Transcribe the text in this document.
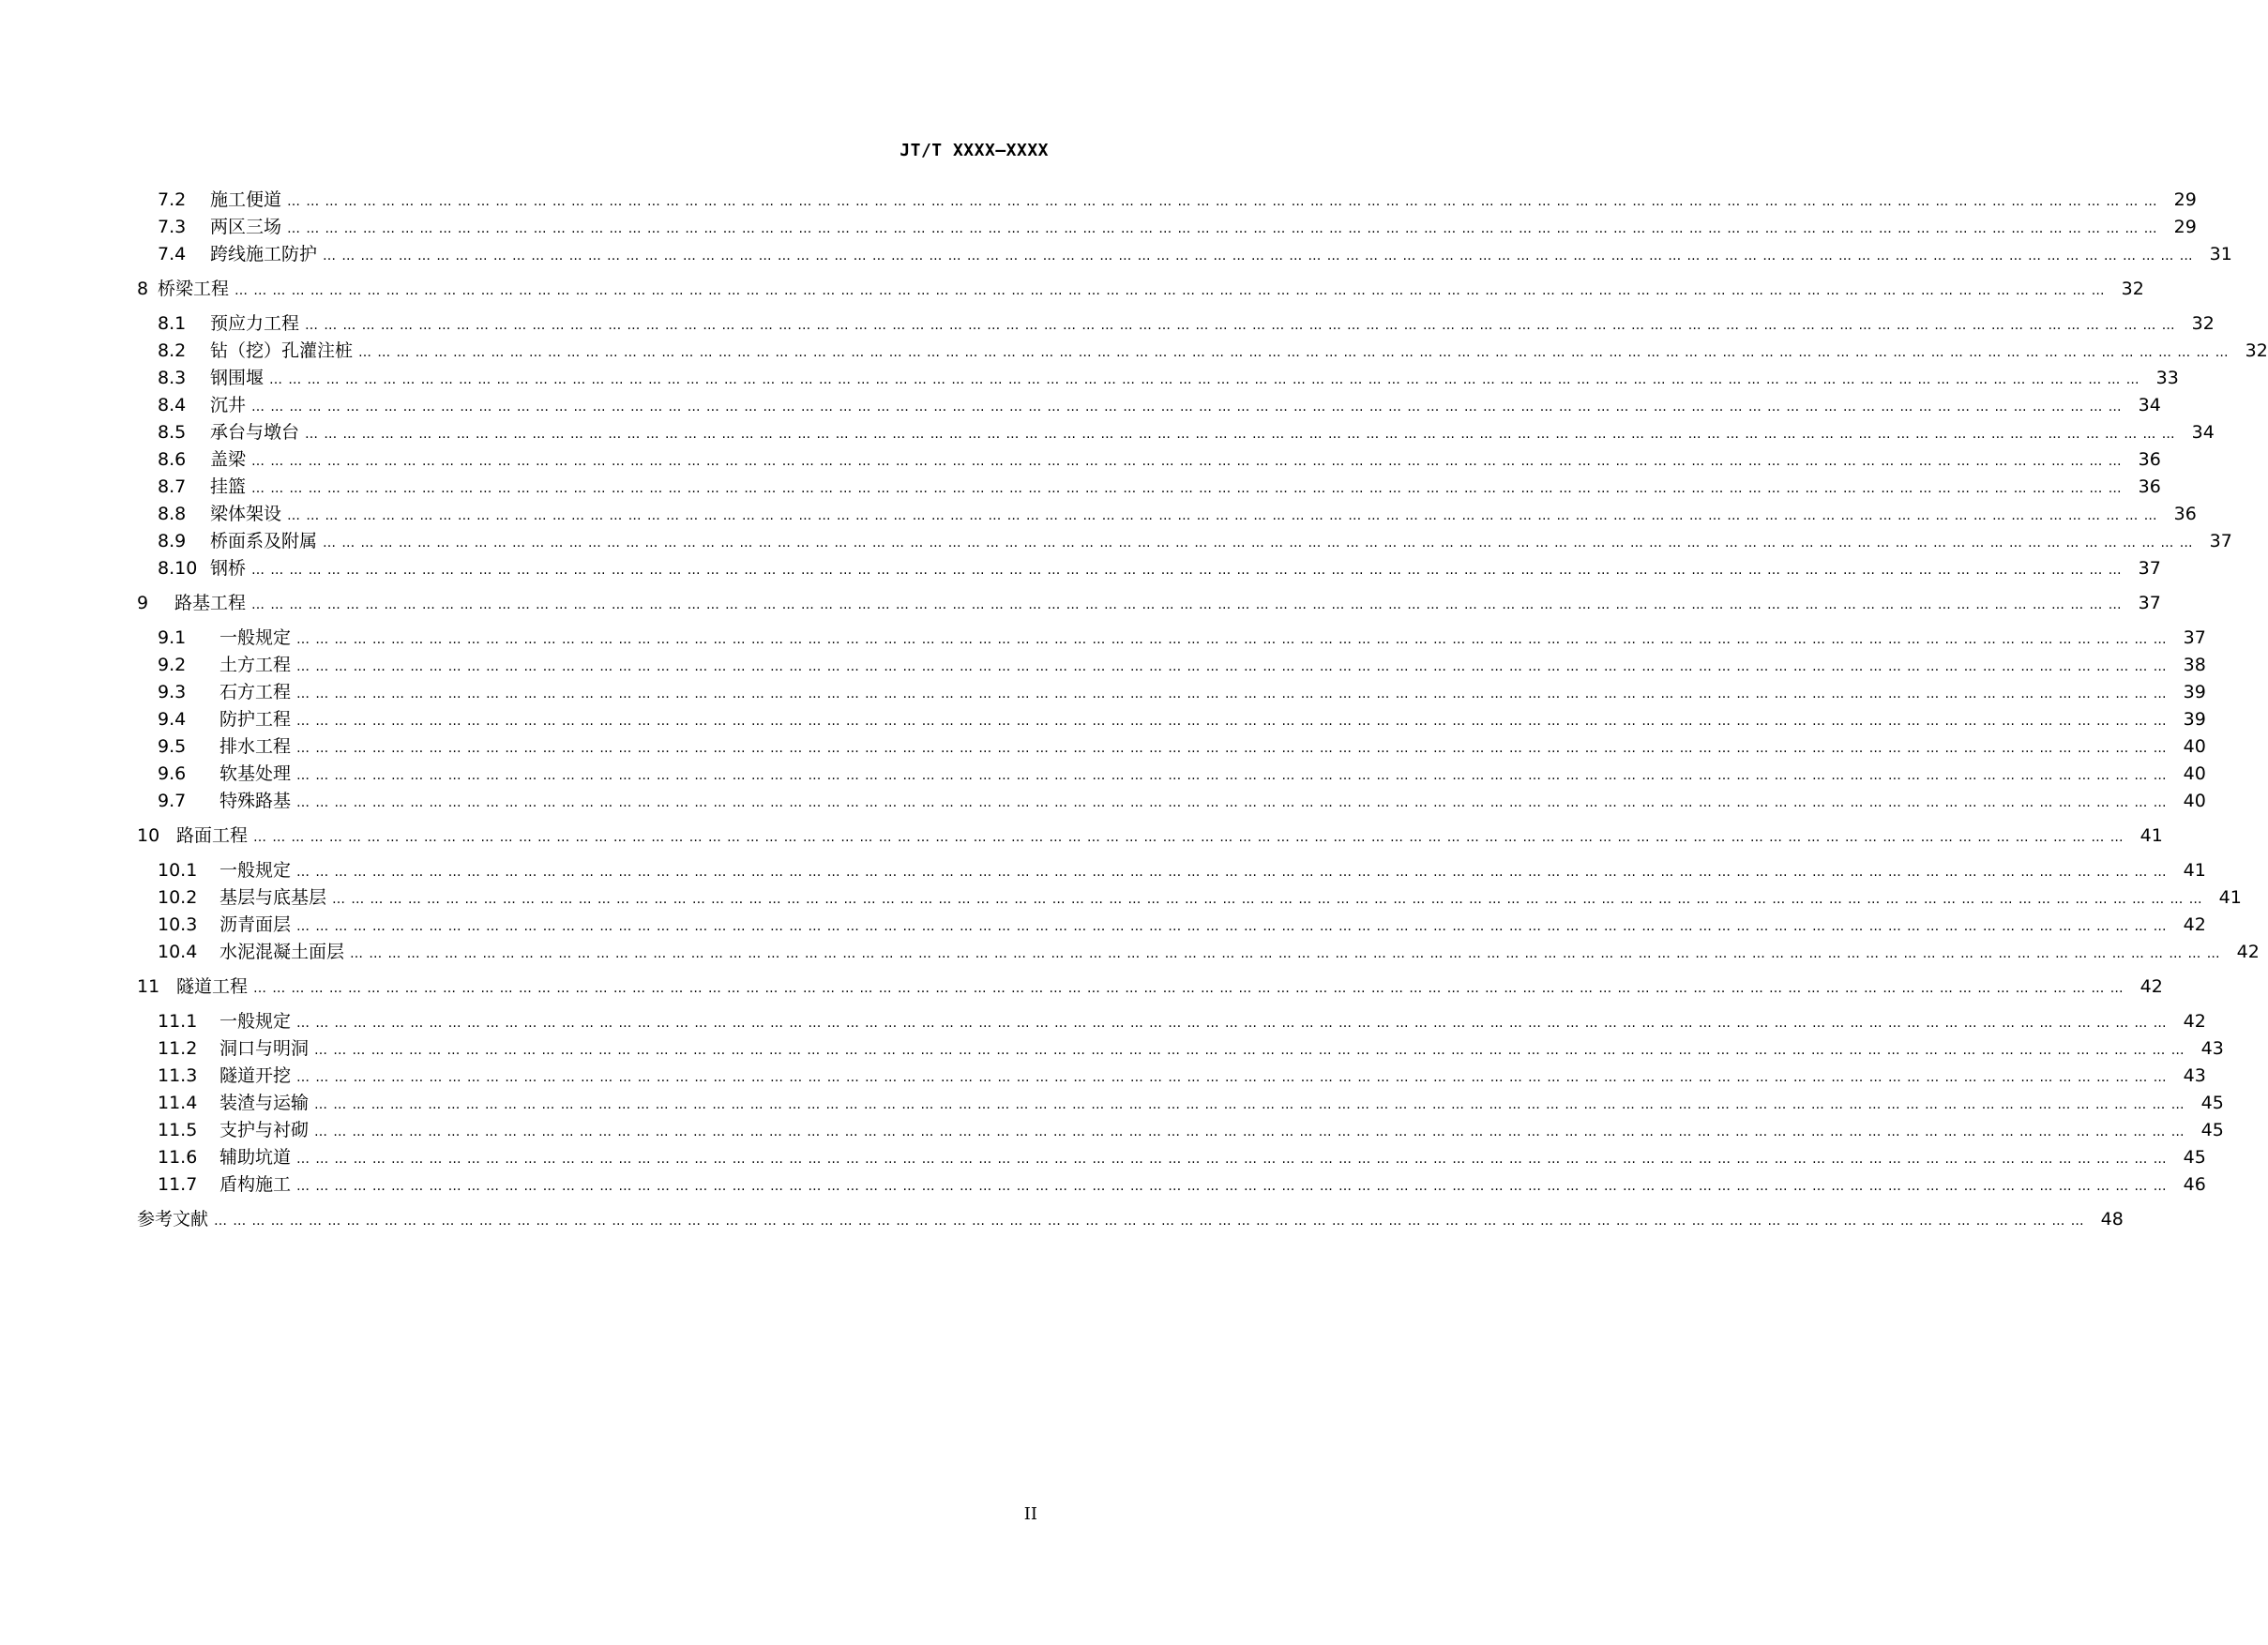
JT/T XXXX—XXXX
7.2	施工便道 ……………………………………………………………………………………………………………………………………………………………………………………………………………………………………………………………………… 29
7.3	两区三场 ……………………………………………………………………………………………………………………………………………………………………………………………………………………………………………………………………… 29
7.4	跨线施工防护 ……………………………………………………………………………………………………………………………………………………………………………………………………………………………………………………………………… 31
8 桥梁工程 ……………………………………………………………………………………………………………………………………………………………………………………………………………………………………………………………………… 32
8.1	预应力工程 ……………………………………………………………………………………………………………………………………………………………………………………………………………………………………………………………………… 32
8.2	钻（挖）孔灌注桩 ……………………………………………………………………………………………………………………………………………………………………………………………………………………………………………………………………… 32
8.3	钢围堰 ……………………………………………………………………………………………………………………………………………………………………………………………………………………………………………………………………… 33
8.4	沉井 ……………………………………………………………………………………………………………………………………………………………………………………………………………………………………………………………………… 34
8.5	承台与墩台 ……………………………………………………………………………………………………………………………………………………………………………………………………………………………………………………………………… 34
8.6	盖梁 ……………………………………………………………………………………………………………………………………………………………………………………………………………………………………………………………………… 36
8.7	挂篮 ……………………………………………………………………………………………………………………………………………………………………………………………………………………………………………………………………… 36
8.8	梁体架设 ……………………………………………………………………………………………………………………………………………………………………………………………………………………………………………………………………… 36
8.9	桥面系及附属 ……………………………………………………………………………………………………………………………………………………………………………………………………………………………………………………………………… 37
8.10 钢桥 ……………………………………………………………………………………………………………………………………………………………………………………………………………………………………………………………………… 37
9	路基工程 ……………………………………………………………………………………………………………………………………………………………………………………………………………………………………………………………………… 37
9.1	一般规定 ……………………………………………………………………………………………………………………………………………………………………………………………………………………………………………………………………… 37
9.2	土方工程 ……………………………………………………………………………………………………………………………………………………………………………………………………………………………………………………………………… 38
9.3	石方工程 ……………………………………………………………………………………………………………………………………………………………………………………………………………………………………………………………………… 39
9.4	防护工程 ……………………………………………………………………………………………………………………………………………………………………………………………………………………………………………………………………… 39
9.5	排水工程 ……………………………………………………………………………………………………………………………………………………………………………………………………………………………………………………………………… 40
9.6	软基处理 ……………………………………………………………………………………………………………………………………………………………………………………………………………………………………………………………………… 40
9.7	特殊路基 ……………………………………………………………………………………………………………………………………………………………………………………………………………………………………………………………………… 40
10 路面工程 ……………………………………………………………………………………………………………………………………………………………………………………………………………………………………………………………………… 41
10.1	一般规定 ……………………………………………………………………………………………………………………………………………………………………………………………………………………………………………………………………… 41
10.2	基层与底基层 ……………………………………………………………………………………………………………………………………………………………………………………………………………………………………………………………………… 41
10.3	沥青面层 ……………………………………………………………………………………………………………………………………………………………………………………………………………………………………………………………………… 42
10.4	水泥混凝土面层 ……………………………………………………………………………………………………………………………………………………………………………………………………………………………………………………………………… 42
11 隧道工程 ……………………………………………………………………………………………………………………………………………………………………………………………………………………………………………………………………… 42
11.1	一般规定 ……………………………………………………………………………………………………………………………………………………………………………………………………………………………………………………………………… 42
11.2	洞口与明洞 ……………………………………………………………………………………………………………………………………………………………………………………………………………………………………………………………………… 43
11.3	隧道开挖 ……………………………………………………………………………………………………………………………………………………………………………………………………………………………………………………………………… 43
11.4	装渣与运输 ……………………………………………………………………………………………………………………………………………………………………………………………………………………………………………………………………… 45
11.5	支护与衬砌 ……………………………………………………………………………………………………………………………………………………………………………………………………………………………………………………………………… 45
11.6	辅助坑道 ……………………………………………………………………………………………………………………………………………………………………………………………………………………………………………………………………… 45
11.7	盾构施工 ……………………………………………………………………………………………………………………………………………………………………………………………………………………………………………………………………… 46
参考文献 ……………………………………………………………………………………………………………………………………………………………………………………………………………………………………………………………………… 48
II
